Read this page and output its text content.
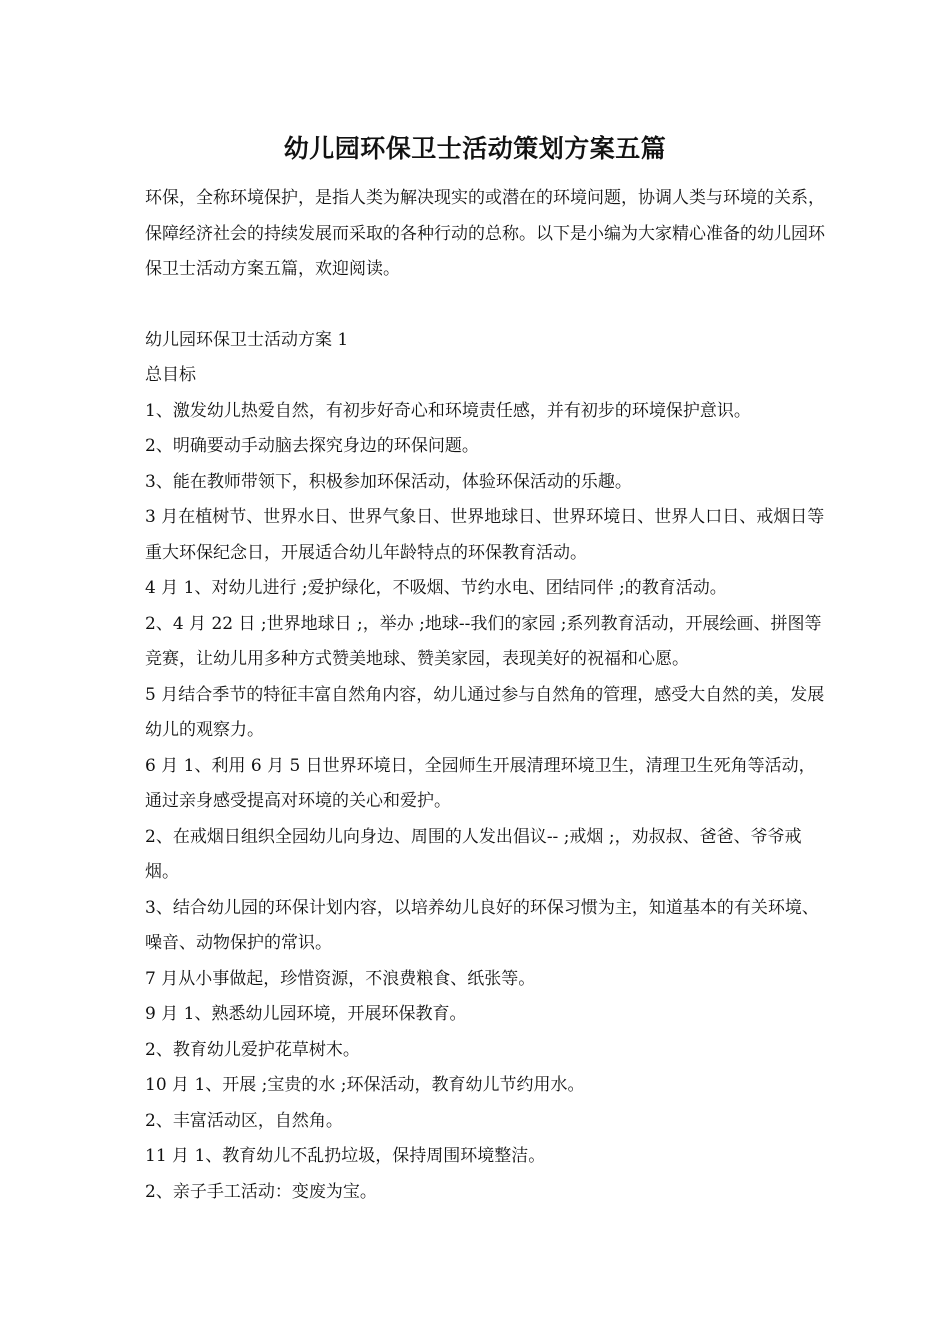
幼儿园环保卫士活动策划方案五篇

环保，全称环境保护，是指人类为解决现实的或潜在的环境问题，协调人类与环境的关系，保障经济社会的持续发展而采取的各种行动的总称。以下是小编为大家精心准备的幼儿园环保卫士活动方案五篇，欢迎阅读。

幼儿园环保卫士活动方案 1

总目标

1、激发幼儿热爱自然，有初步好奇心和环境责任感，并有初步的环境保护意识。

2、明确要动手动脑去探究身边的环保问题。

3、能在教师带领下，积极参加环保活动，体验环保活动的乐趣。

3 月在植树节、世界水日、世界气象日、世界地球日、世界环境日、世界人口日、戒烟日等重大环保纪念日，开展适合幼儿年龄特点的环保教育活动。

4 月 1、对幼儿进行 ;爱护绿化，不吸烟、节约水电、团结同伴 ;的教育活动。

2、4 月 22 日 ;世界地球日 ;，举办 ;地球--我们的家园 ;系列教育活动，开展绘画、拼图等竞赛，让幼儿用多种方式赞美地球、赞美家园，表现美好的祝福和心愿。

5 月结合季节的特征丰富自然角内容，幼儿通过参与自然角的管理，感受大自然的美，发展幼儿的观察力。

6 月 1、利用 6 月 5 日世界环境日，全园师生开展清理环境卫生，清理卫生死角等活动，通过亲身感受提高对环境的关心和爱护。

2、在戒烟日组织全园幼儿向身边、周围的人发出倡议-- ;戒烟 ;，劝叔叔、爸爸、爷爷戒烟。

3、结合幼儿园的环保计划内容，以培养幼儿良好的环保习惯为主，知道基本的有关环境、噪音、动物保护的常识。

7 月从小事做起，珍惜资源，不浪费粮食、纸张等。

9 月 1、熟悉幼儿园环境，开展环保教育。

2、教育幼儿爱护花草树木。

10 月 1、开展 ;宝贵的水 ;环保活动，教育幼儿节约用水。

2、丰富活动区，自然角。

11 月 1、教育幼儿不乱扔垃圾，保持周围环境整洁。

2、亲子手工活动：变废为宝。
